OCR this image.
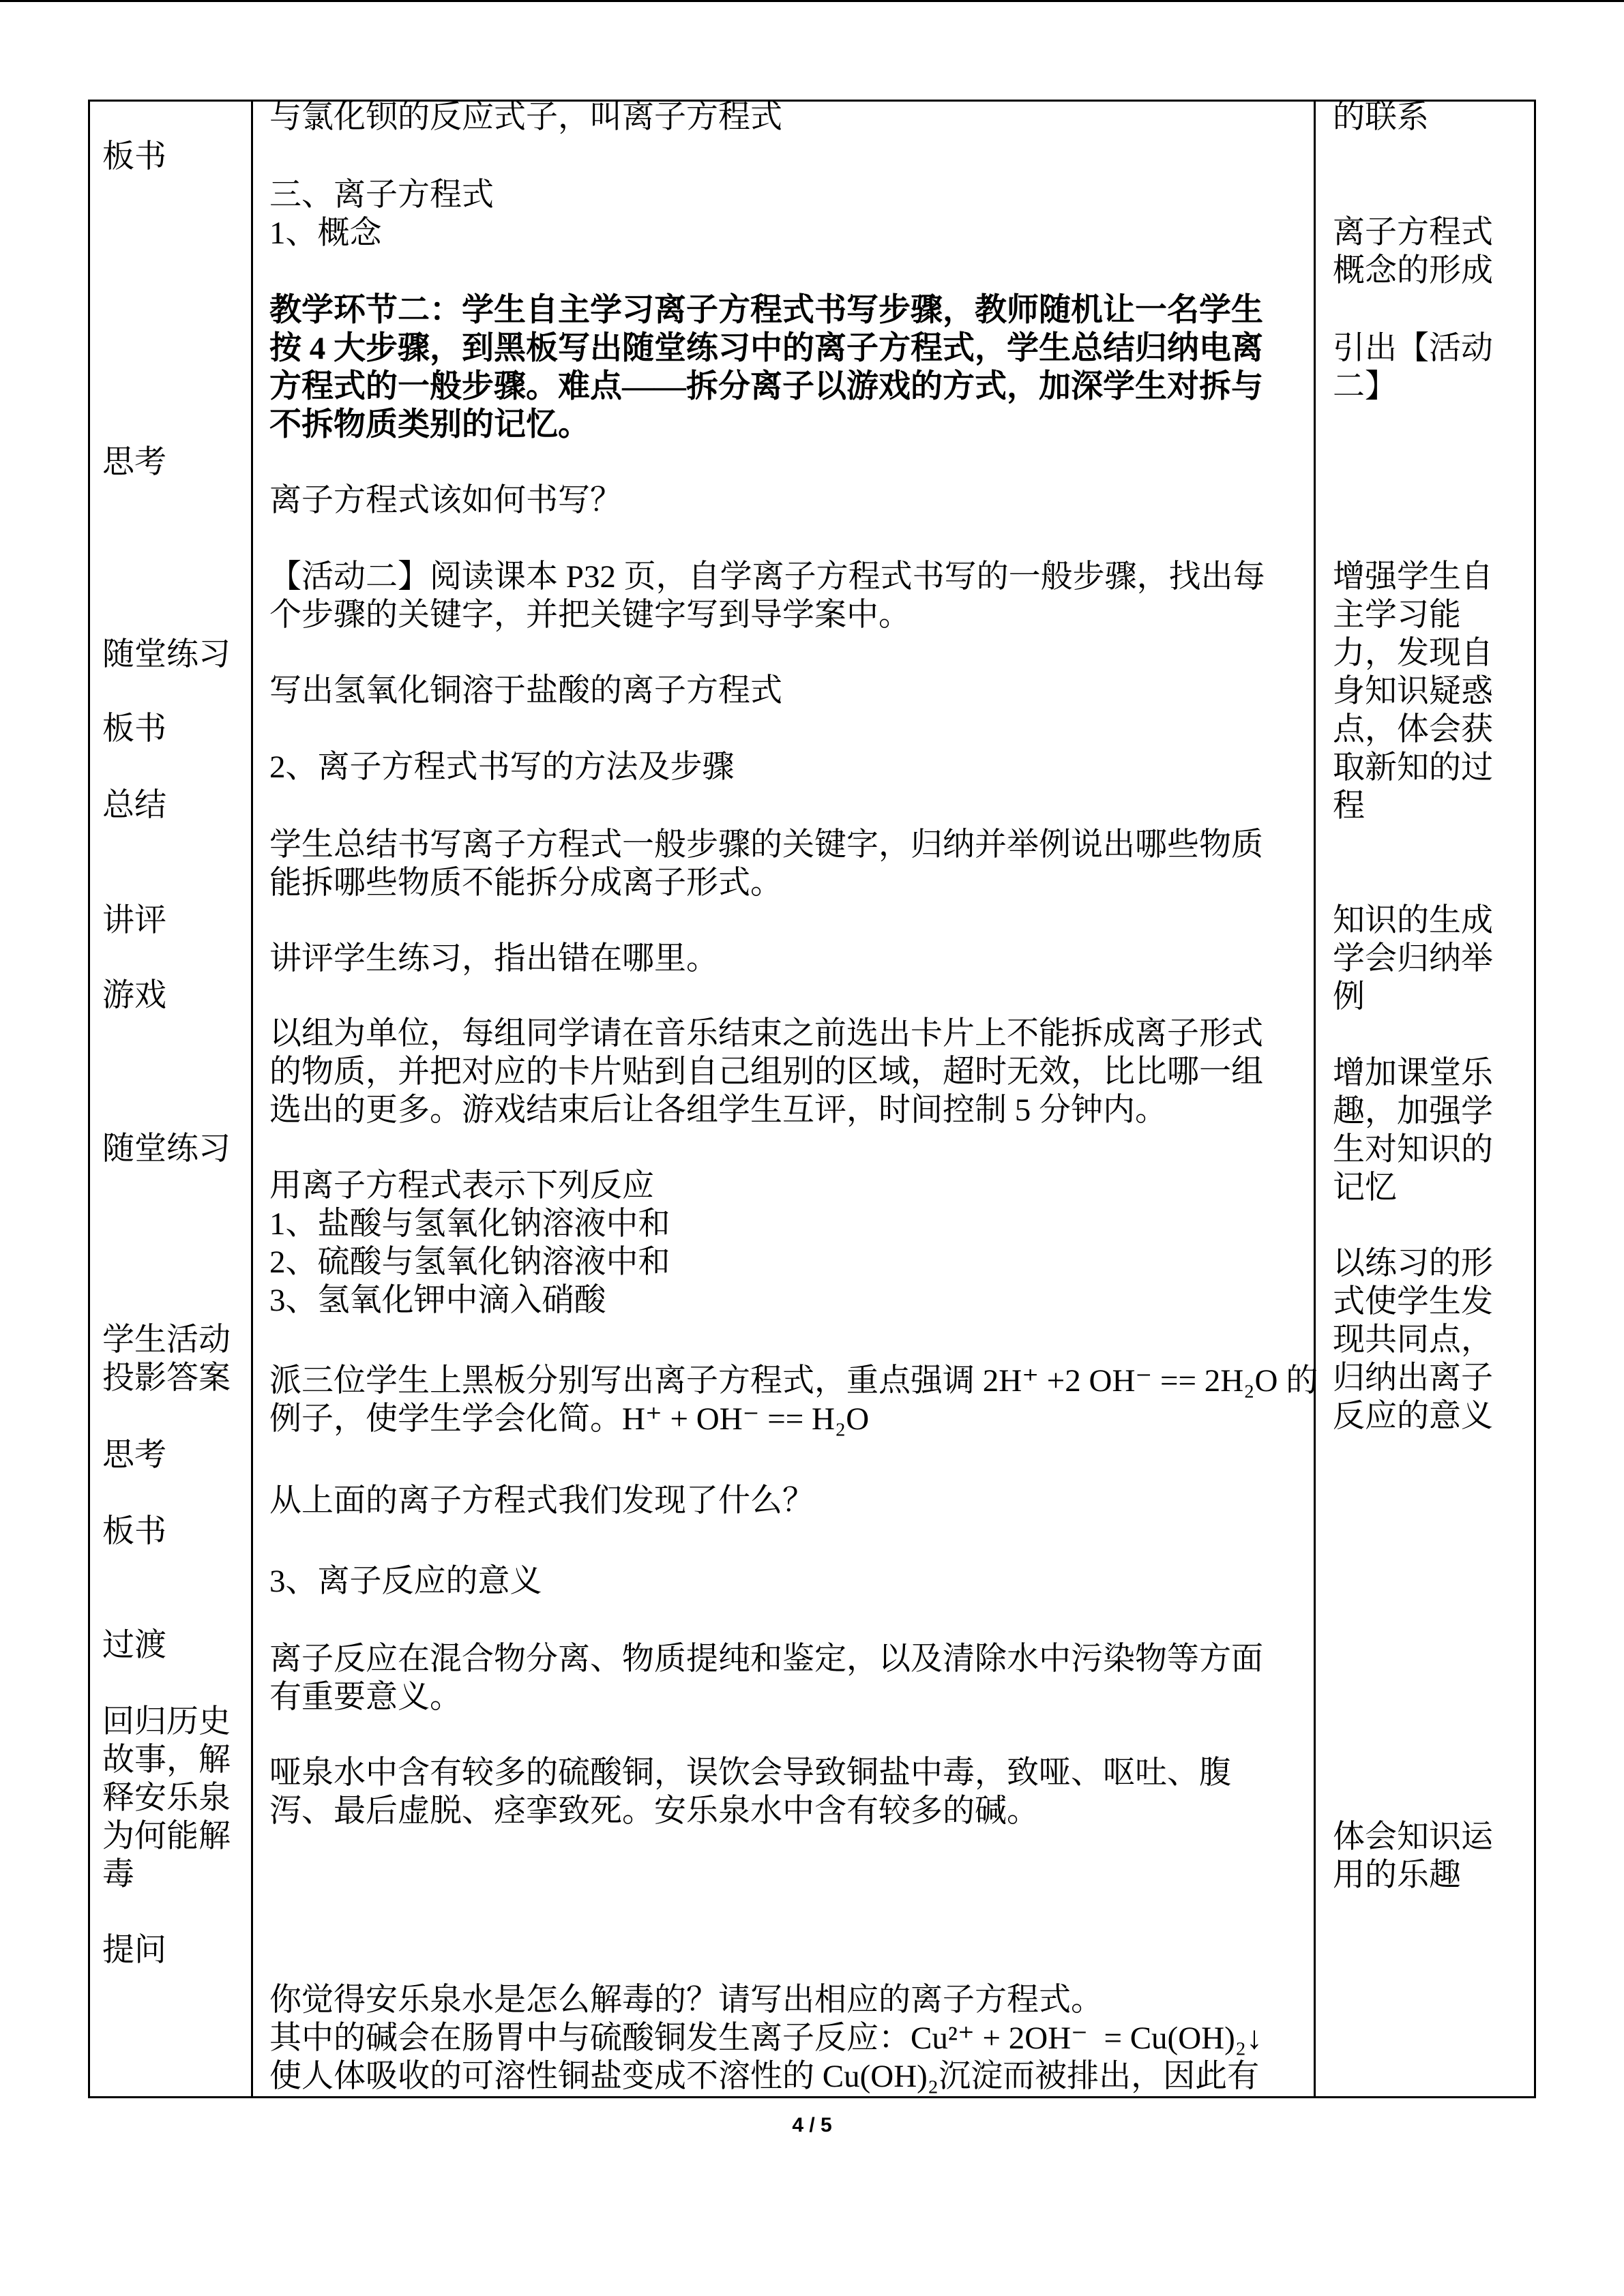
板书
思考
随堂练习
板书
总结
讲评
游戏
随堂练习
学生活动
投影答案
思考
板书
过渡
回归历史
故事，解
释安乐泉
为何能解
毒
提问
与氯化钡的反应式子，叫离子方程式
三、离子方程式
1、概念
教学环节二：学生自主学习离子方程式书写步骤，教师随机让一名学生
按 4 大步骤，到黑板写出随堂练习中的离子方程式，学生总结归纳电离
方程式的一般步骤。难点——拆分离子以游戏的方式，加深学生对拆与
不拆物质类别的记忆。
离子方程式该如何书写？
【活动二】阅读课本 P32 页，自学离子方程式书写的一般步骤，找出每
个步骤的关键字，并把关键字写到导学案中。
写出氢氧化铜溶于盐酸的离子方程式
2、离子方程式书写的方法及步骤
学生总结书写离子方程式一般步骤的关键字，归纳并举例说出哪些物质
能拆哪些物质不能拆分成离子形式。
讲评学生练习，指出错在哪里。
以组为单位，每组同学请在音乐结束之前选出卡片上不能拆成离子形式
的物质，并把对应的卡片贴到自己组别的区域，超时无效，比比哪一组
选出的更多。游戏结束后让各组学生互评，时间控制 5 分钟内。
用离子方程式表示下列反应
1、盐酸与氢氧化钠溶液中和
2、硫酸与氢氧化钠溶液中和
3、氢氧化钾中滴入硝酸
派三位学生上黑板分别写出离子方程式，重点强调 2H⁺ +2 OH⁻ == 2H₂O 的
例子，使学生学会化简。H⁺ + OH⁻ == H₂O
从上面的离子方程式我们发现了什么？
3、离子反应的意义
离子反应在混合物分离、物质提纯和鉴定，以及清除水中污染物等方面
有重要意义。
哑泉水中含有较多的硫酸铜，误饮会导致铜盐中毒，致哑、呕吐、腹
泻、最后虚脱、痉挛致死。安乐泉水中含有较多的碱。
你觉得安乐泉水是怎么解毒的？请写出相应的离子方程式。
其中的碱会在肠胃中与硫酸铜发生离子反应：Cu²⁺ + 2OH⁻  = Cu(OH)₂↓
使人体吸收的可溶性铜盐变成不溶性的 Cu(OH)₂沉淀而被排出，因此有
的联系
离子方程式
概念的形成
引出【活动
二】
增强学生自
主学习能
力，发现自
身知识疑惑
点，体会获
取新知的过
程
知识的生成
学会归纳举
例
增加课堂乐
趣，加强学
生对知识的
记忆
以练习的形
式使学生发
现共同点，
归纳出离子
反应的意义
体会知识运
用的乐趣
4 / 5
